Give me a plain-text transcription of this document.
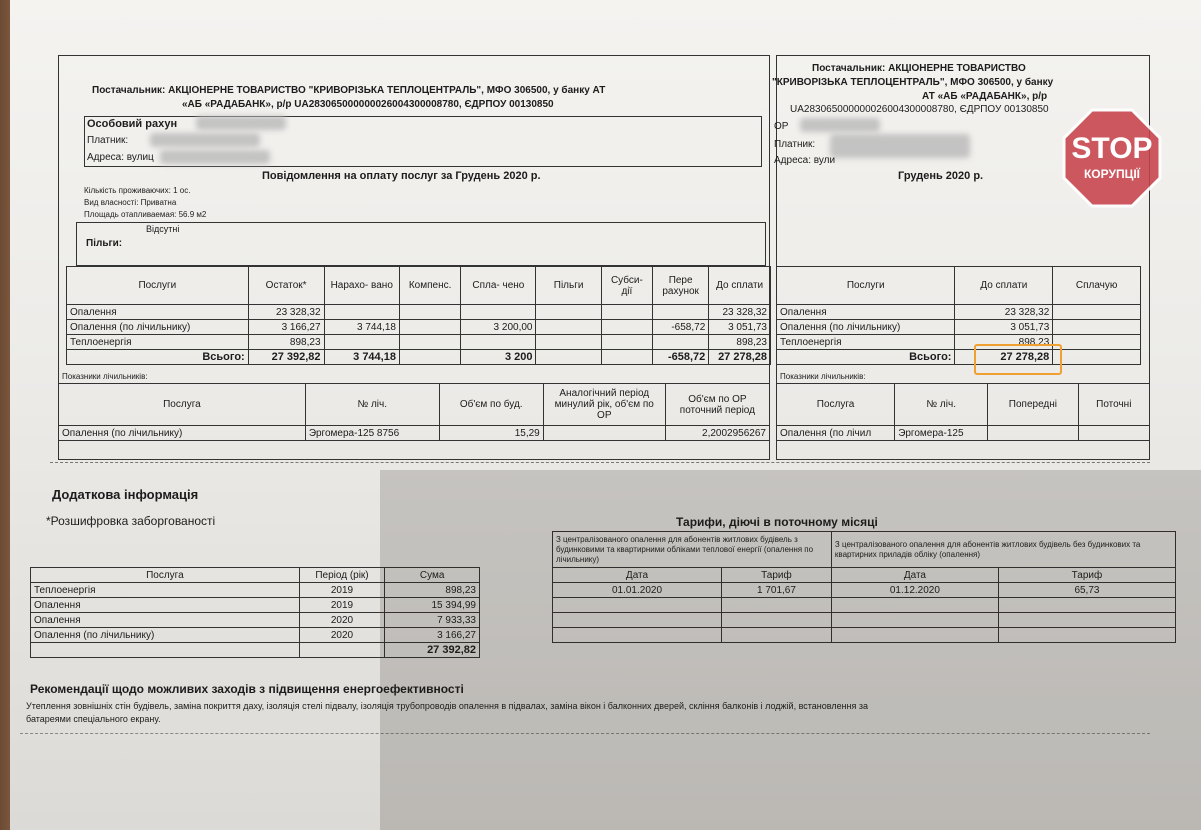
Постачальник: АКЦІОНЕРНЕ ТОВАРИСТВО "КРИВОРІЗЬКА ТЕПЛОЦЕНТРАЛЬ", МФО 306500, у банку АТ
«АБ «РАДАБАНК», р/р UA283065000000026004300008780, ЄДРПОУ 00130850
Особовий рахун
Платник:
Адреса: вулиц
Повідомлення на оплату послуг за Грудень 2020 р.
Кількість проживаючих: 1 ос.
Вид власності: Приватна
Площадь отапливаемая: 56.9 м2
Пільги:
Відсутні
Послуги	Остаток*	Нарахо- вано	Компенс.	Спла- чено	Пільги	Субси- дії	Пере рахунок	До сплати
Опалення	23 328,32							23 328,32
Опалення (по лічильнику)	3 166,27	3 744,18		3 200,00			-658,72	3 051,73
Теплоенергія	898,23							898,23
Всього:	27 392,82	3 744,18		3 200			-658,72	27 278,28
Показники лічильників:
Послуга	№ ліч.	Об'єм по буд.	Аналогічний період минулий рік, об'єм по ОР	Об'єм по ОР поточний період
Опалення (по лічильнику)	Эргомера-125 8756	15,29		2,2002956267
Постачальник: АКЦІОНЕРНЕ ТОВАРИСТВО
"КРИВОРІЗЬКА ТЕПЛОЦЕНТРАЛЬ", МФО 306500, у банку
АТ «АБ «РАДАБАНК», р/р
UA283065000000026004300008780, ЄДРПОУ 00130850
ОР
Платник:
Адреса: вули
Грудень 2020 р.
Послуги	До сплати	Сплачую
Опалення	23 328,32	
Опалення (по лічильнику)	3 051,73	
Теплоенергія	898,23	
Всього:	27 278,28	
Показники лічильників:
Послуга	№ ліч.	Попередні	Поточні
Опалення (по лічил	Эргомера-125		
STOP
КОРУПЦІЇ
Додаткова інформація
*Розшифровка заборгованості
Послуга	Період (рік)	Сума
Теплоенергія	2019	898,23
Опалення	2019	15 394,99
Опалення	2020	7 933,33
Опалення (по лічильнику)	2020	3 166,27
		27 392,82
Тарифи, діючі в поточному місяці
З централізованого опалення для абонентів житлових будівель з будинковими та квартирними обліками теплової енергії (опалення по лічильнику)		З централізованого опалення для абонентів житлових будівель без будинкових та квартирних приладів обліку (опалення)	
Дата	Тариф	Дата	Тариф
01.01.2020	1 701,67	01.12.2020	65,73

Рекомендації щодо можливих заходів з підвищення енергоефективності
Утеплення зовнішніх стін будівель, заміна покриття даху, ізоляція стелі підвалу, ізоляція трубопроводів опалення в підвалах, заміна вікон і балконних дверей, скління балконів і лоджій, встановлення за
батареями спеціального екрану.
